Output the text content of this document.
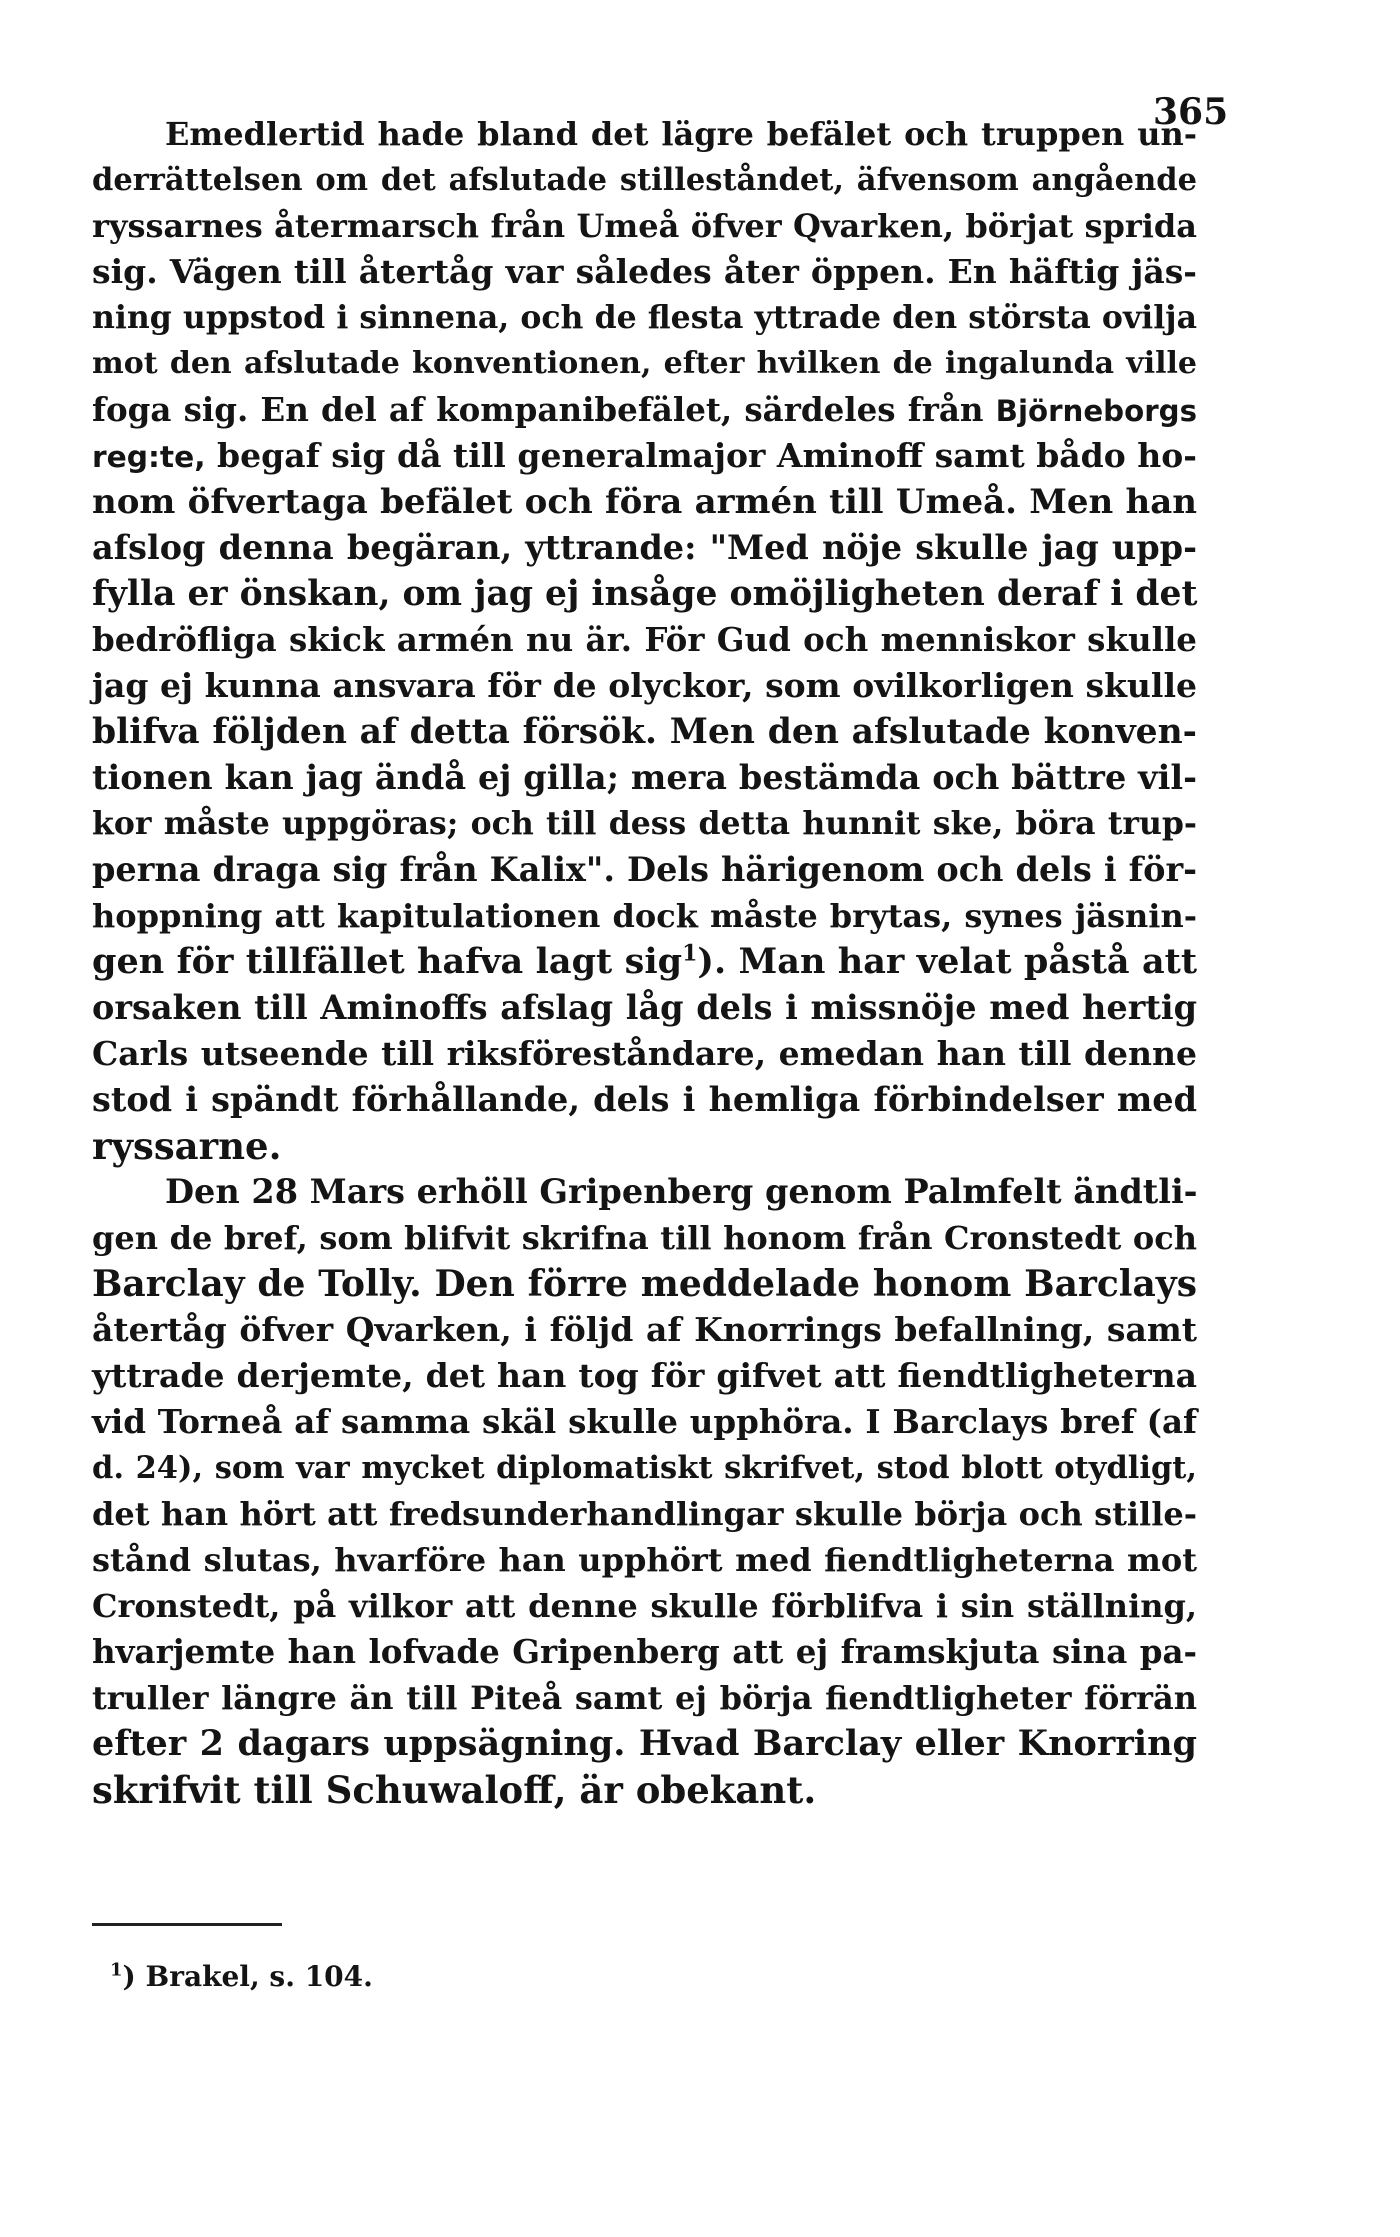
365
Emedlertid hade bland det lägre befälet och truppen un-
derrättelsen om det afslutade stilleståndet, äfvensom angående
ryssarnes återmarsch från Umeå öfver Qvarken, börjat sprida
sig. Vägen till återtåg var således åter öppen. En häftig jäs-
ning uppstod i sinnena, och de flesta yttrade den största ovilja
mot den afslutade konventionen, efter hvilken de ingalunda ville
foga sig. En del af kompanibefälet, särdeles från Björneborgs
reg:te, begaf sig då till generalmajor Aminoff samt bådo ho-
nom öfvertaga befälet och föra armén till Umeå. Men han
afslog denna begäran, yttrande: "Med nöje skulle jag upp-
fylla er önskan, om jag ej insåge omöjligheten deraf i det
bedröfliga skick armén nu är. För Gud och menniskor skulle
jag ej kunna ansvara för de olyckor, som ovilkorligen skulle
blifva följden af detta försök. Men den afslutade konven-
tionen kan jag ändå ej gilla; mera bestämda och bättre vil-
kor måste uppgöras; och till dess detta hunnit ske, böra trup-
perna draga sig från Kalix". Dels härigenom och dels i för-
hoppning att kapitulationen dock måste brytas, synes jäsnin-
gen för tillfället hafva lagt sig$^1$). Man har velat påstå att
orsaken till Aminoffs afslag låg dels i missnöje med hertig
Carls utseende till riksföreståndare, emedan han till denne
stod i spändt förhållande, dels i hemliga förbindelser med
ryssarne.
Den 28 Mars erhöll Gripenberg genom Palmfelt ändtli-
gen de bref, som blifvit skrifna till honom från Cronstedt och
Barclay de Tolly. Den förre meddelade honom Barclays
återtåg öfver Qvarken, i följd af Knorrings befallning, samt
yttrade derjemte, det han tog för gifvet att fiendtligheterna
vid Torneå af samma skäl skulle upphöra. I Barclays bref (af
d. 24), som var mycket diplomatiskt skrifvet, stod blott otydligt,
det han hört att fredsunderhandlingar skulle börja och stille-
stånd slutas, hvarföre han upphört med fiendtligheterna mot
Cronstedt, på vilkor att denne skulle förblifva i sin ställning,
hvarjemte han lofvade Gripenberg att ej framskjuta sina pa-
truller längre än till Piteå samt ej börja fiendtligheter förrän
efter 2 dagars uppsägning. Hvad Barclay eller Knorring
skrifvit till Schuwaloff, är obekant.
$^1$) Brakel, s. 104.
